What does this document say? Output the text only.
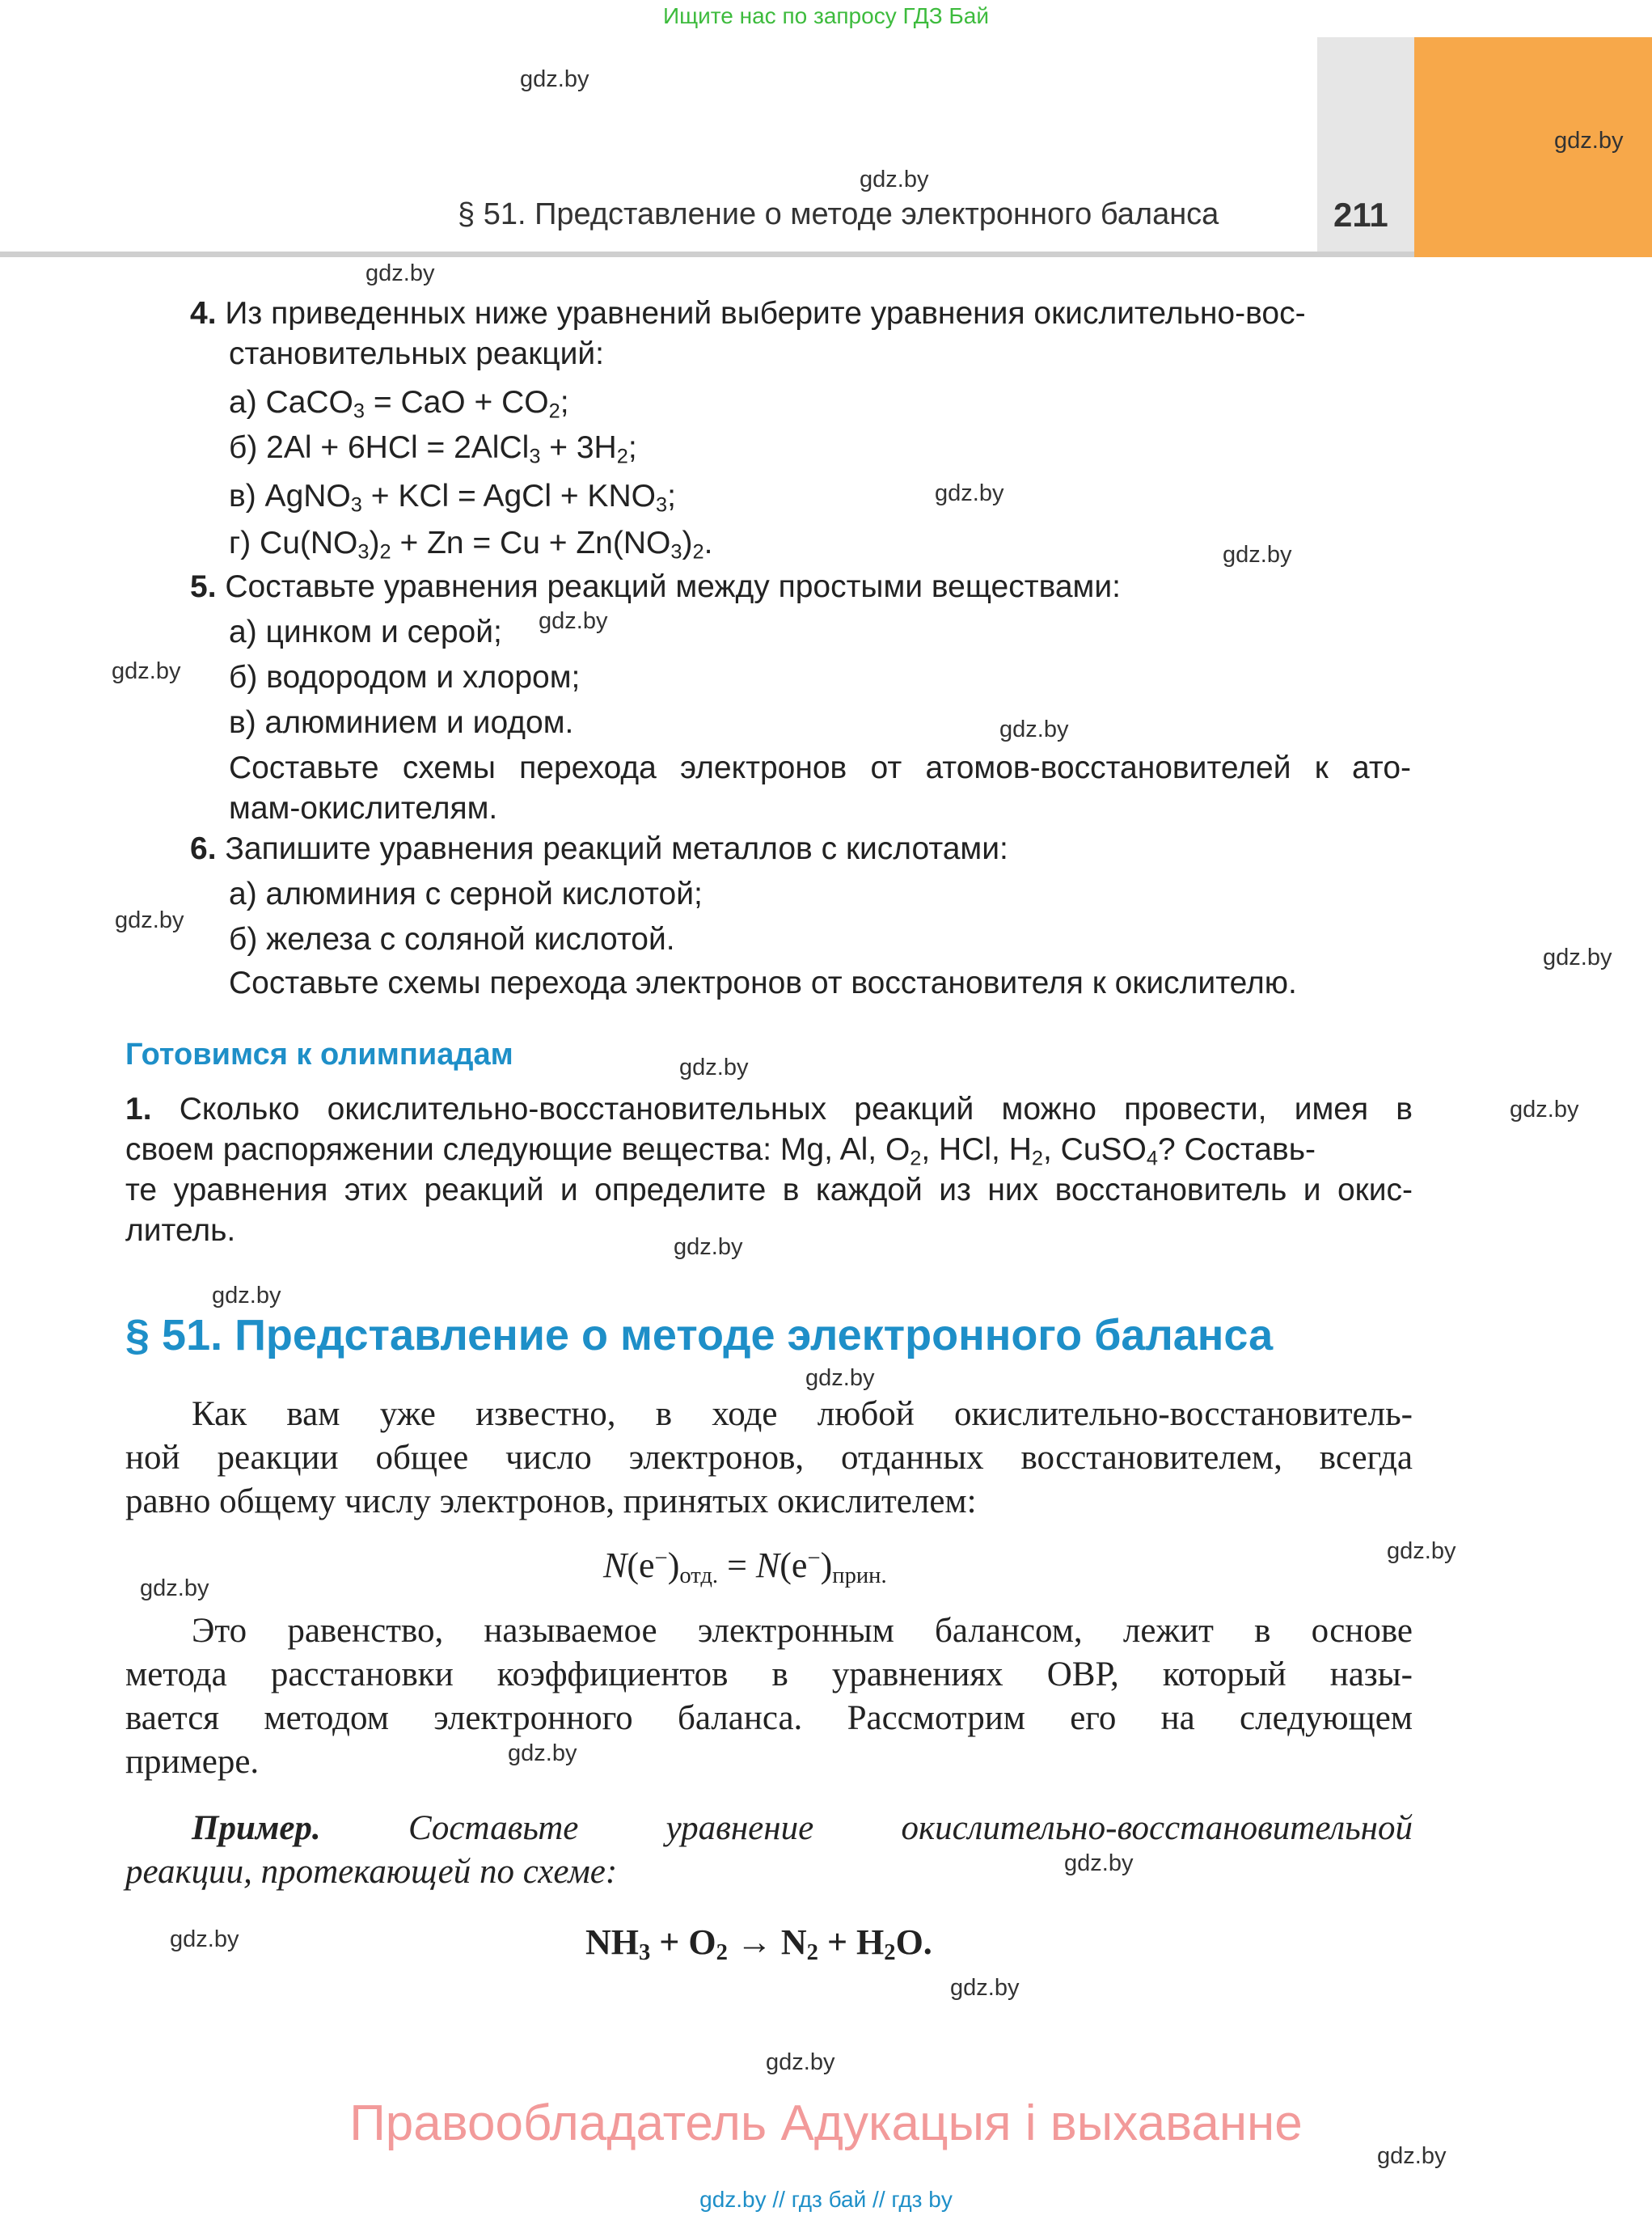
Ищите нас по запросу ГДЗ Бай
§ 51. Представление о методе электронного баланса	211
gdz.by
gdz.by
gdz.by
gdz.by
gdz.by
gdz.by
gdz.by
gdz.by
gdz.by
gdz.by
gdz.by
gdz.by
gdz.by
gdz.by
gdz.by
gdz.by
gdz.by
gdz.by
gdz.by
gdz.by
gdz.by
gdz.by
gdz.by
gdz.by
4. Из приведенных ниже уравнений выберите уравнения окислительно-вос-
становительных реакций:
а) CaCO$_3$ = CaO + $CO_2$;
б) 2Al + 6HCl = 2AlCl$_3$ + $3H_2$;
в) AgNO$_3$ + KCl = AgCl + $KNO_3$;
г) $Cu(NO_3)_2 + Zn = Cu + Zn(NO_3)_2$.
5. Составьте уравнения реакций между простыми веществами:
а) цинком и серой;
б) водородом и хлором;
в) алюминием и иодом.
Составьте схемы перехода электронов от атомов-восстановителей к ато-
мам-окислителям.
6. Запишите уравнения реакций металлов с кислотами:
а) алюминия с серной кислотой;
б) железа с соляной кислотой.
Составьте схемы перехода электронов от восстановителя к окислителю.
Готовимся к олимпиадам
1. Сколько окислительно-восстановительных реакций можно провести, имея в
своем распоряжении следующие вещества: Mg, Al, $O_2$, HCl, $H_2$, CuSO$_4$? Составь-
те уравнения этих реакций и определите в каждой из них восстановитель и окис-
литель.
§ 51. Представление о методе электронного баланса
Как вам уже известно, в ходе любой окислительно-восстановитель-
ной реакции общее число электронов, отданных восстановителем, всегда
равно общему числу электронов, принятых окислителем:
$N(e^-)_{отд.} = N(e^-)_{прин.}$
Это равенство, называемое электронным балансом, лежит в основе
метода расстановки коэффициентов в уравнениях ОВР, который назы-
вается методом электронного баланса. Рассмотрим его на следующем
примере.
Пример.	Составьте уравнение окислительно-восстановительной
реакции, протекающей по схеме:
$NH_3 + O_2 \to N_2 + H_2O$.
Правообладатель Адукацыя і выхаванне
gdz.by // гдз бай // гдз by
